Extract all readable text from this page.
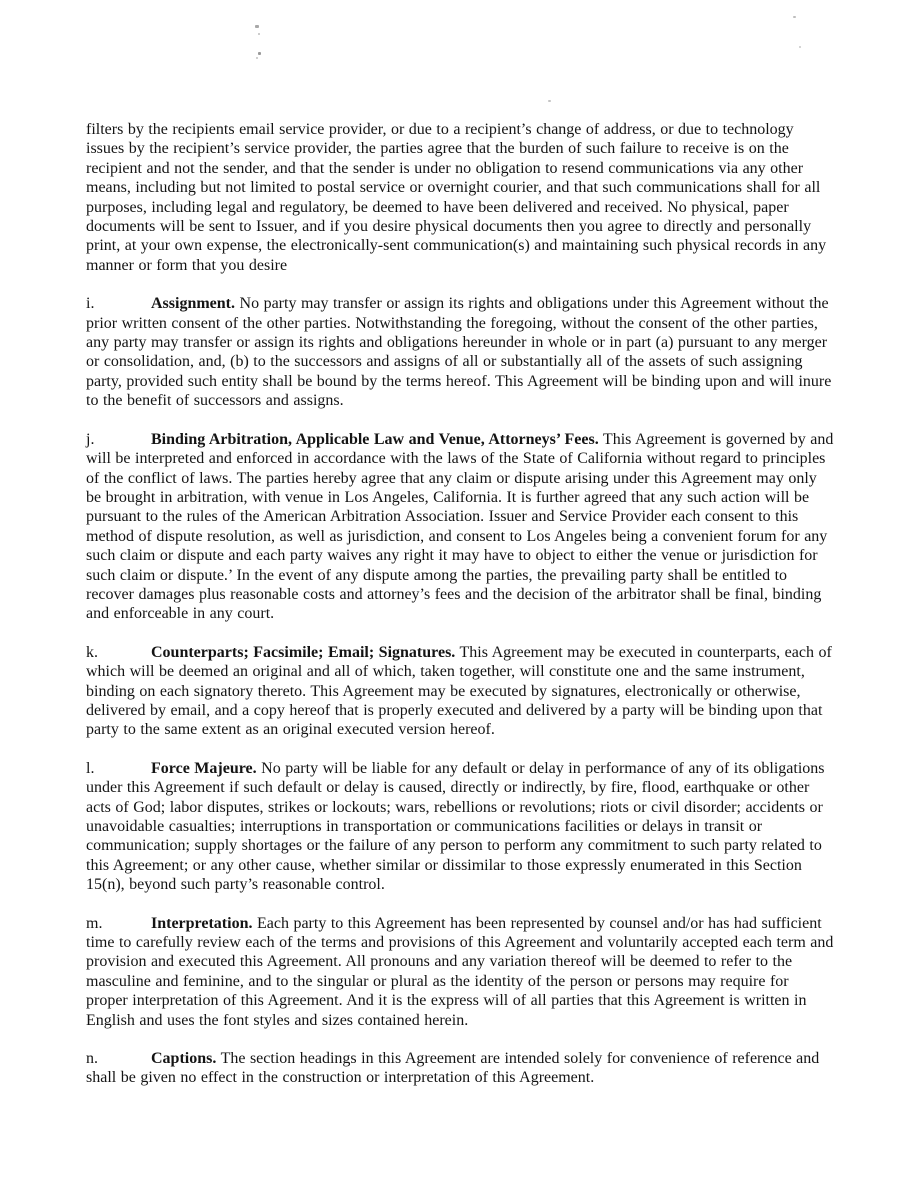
filters by the recipients email service provider, or due to a recipient’s change of address, or due to technology issues by the recipient’s service provider, the parties agree that the burden of such failure to receive is on the recipient and not the sender, and that the sender is under no obligation to resend communications via any other means, including but not limited to postal service or overnight courier, and that such communications shall for all purposes, including legal and regulatory, be deemed to have been delivered and received. No physical, paper documents will be sent to Issuer, and if you desire physical documents then you agree to directly and personally print, at your own expense, the electronically-sent communication(s) and maintaining such physical records in any manner or form that you desire

i.	Assignment. No party may transfer or assign its rights and obligations under this Agreement without the prior written consent of the other parties. Notwithstanding the foregoing, without the consent of the other parties, any party may transfer or assign its rights and obligations hereunder in whole or in part (a) pursuant to any merger or consolidation, and, (b) to the successors and assigns of all or substantially all of the assets of such assigning party, provided such entity shall be bound by the terms hereof. This Agreement will be binding upon and will inure to the benefit of successors and assigns.

j.	Binding Arbitration, Applicable Law and Venue, Attorneys’ Fees. This Agreement is governed by and will be interpreted and enforced in accordance with the laws of the State of California without regard to principles of the conflict of laws. The parties hereby agree that any claim or dispute arising under this Agreement may only be brought in arbitration, with venue in Los Angeles, California. It is further agreed that any such action will be pursuant to the rules of the American Arbitration Association. Issuer and Service Provider each consent to this method of dispute resolution, as well as jurisdiction, and consent to Los Angeles being a convenient forum for any such claim or dispute and each party waives any right it may have to object to either the venue or jurisdiction for such claim or dispute.’ In the event of any dispute among the parties, the prevailing party shall be entitled to recover damages plus reasonable costs and attorney’s fees and the decision of the arbitrator shall be final, binding and enforceable in any court.

k.	Counterparts; Facsimile; Email; Signatures. This Agreement may be executed in counterparts, each of which will be deemed an original and all of which, taken together, will constitute one and the same instrument, binding on each signatory thereto. This Agreement may be executed by signatures, electronically or otherwise, delivered by email, and a copy hereof that is properly executed and delivered by a party will be binding upon that party to the same extent as an original executed version hereof.

l.	Force Majeure. No party will be liable for any default or delay in performance of any of its obligations under this Agreement if such default or delay is caused, directly or indirectly, by fire, flood, earthquake or other acts of God; labor disputes, strikes or lockouts; wars, rebellions or revolutions; riots or civil disorder; accidents or unavoidable casualties; interruptions in transportation or communications facilities or delays in transit or communication; supply shortages or the failure of any person to perform any commitment to such party related to this Agreement; or any other cause, whether similar or dissimilar to those expressly enumerated in this Section 15(n), beyond such party’s reasonable control.

m.	Interpretation. Each party to this Agreement has been represented by counsel and/or has had sufficient time to carefully review each of the terms and provisions of this Agreement and voluntarily accepted each term and provision and executed this Agreement. All pronouns and any variation thereof will be deemed to refer to the masculine and feminine, and to the singular or plural as the identity of the person or persons may require for proper interpretation of this Agreement. And it is the express will of all parties that this Agreement is written in English and uses the font styles and sizes contained herein.

n.	Captions. The section headings in this Agreement are intended solely for convenience of reference and shall be given no effect in the construction or interpretation of this Agreement.
